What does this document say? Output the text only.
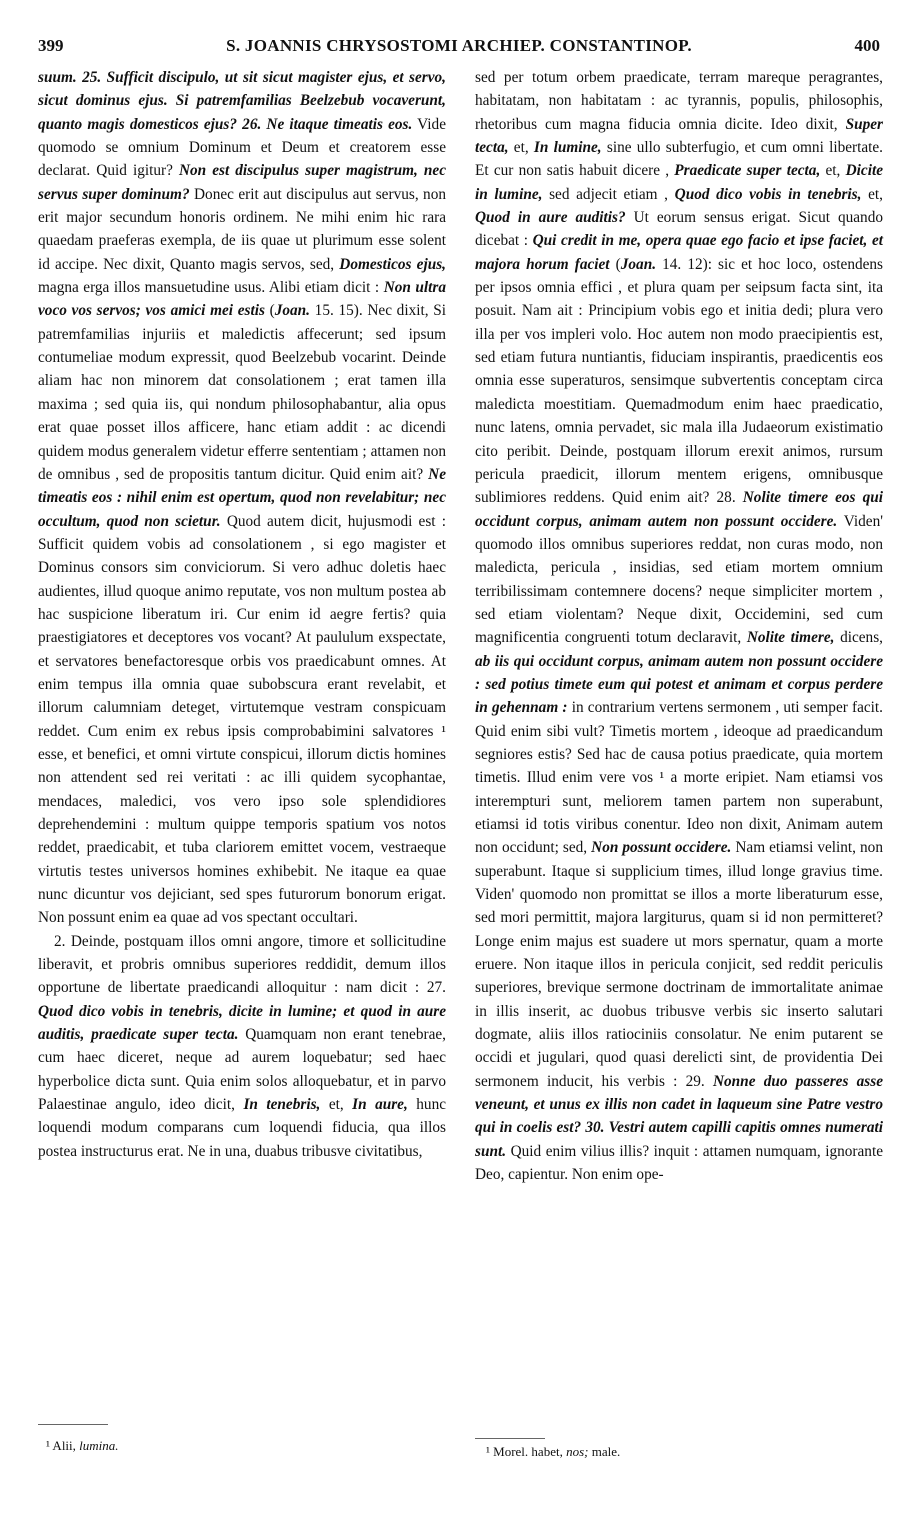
399	S. JOANNIS CHRYSOSTOMI ARCHIEP. CONSTANTINOP.	400

suum. 25. Sufficit discipulo, ut sit sicut magister ejus, et servo, sicut dominus ejus. Si patremfamilias Beelzebub vocaverunt, quanto magis domesticos ejus? 26. Ne itaque timeatis eos. Vide quomodo se omnium Dominum et Deum et creatorem esse declarat. Quid igitur? Non est discipulus super magistrum, nec servus super dominum? Donec erit aut discipulus aut servus, non erit major secundum honoris ordinem. Ne mihi enim hic rara quaedam praeferas exempla, de iis quae ut plurimum esse solent id accipe. Nec dixit, Quanto magis servos, sed, Domesticos ejus, magna erga illos mansuetudine usus. Alibi etiam dicit : Non ultra voco vos servos; vos amici mei estis (Joan. 15. 15). Nec dixit, Si patremfamilias injuriis et maledictis affecerunt; sed ipsum contumeliae modum expressit, quod Beelzebub vocarint. Deinde aliam hac non minorem dat consolationem ; erat tamen illa maxima ; sed quia iis, qui nondum philosophabantur, alia opus erat quae posset illos afficere, hanc etiam addit : ac dicendi quidem modus generalem videtur efferre sententiam ; attamen non de omnibus , sed de propositis tantum dicitur. Quid enim ait? Ne timeatis eos : nihil enim est opertum, quod non revelabitur; nec occultum, quod non scietur. Quod autem dicit, hujusmodi est : Sufficit quidem vobis ad consolationem , si ego magister et Dominus consors sim conviciorum. Si vero adhuc doletis haec audientes, illud quoque animo reputate, vos non multum postea ab hac suspicione liberatum iri. Cur enim id aegre fertis? quia praestigiatores et deceptores vos vocant? At paululum exspectate, et servatores benefactoresque orbis vos praedicabunt omnes. At enim tempus illa omnia quae subobscura erant revelabit, et illorum calumniam deteget, virtutemque vestram conspicuam reddet. Cum enim ex rebus ipsis comprobabimini salvatores ¹ esse, et benefici, et omni virtute conspicui, illorum dictis homines non attendent sed rei veritati : ac illi quidem sycophantae, mendaces, maledici, vos vero ipso sole splendidiores deprehendemini : multum quippe temporis spatium vos notos reddet, praedicabit, et tuba clariorem emittet vocem, vestraeque virtutis testes universos homines exhibebit. Ne itaque ea quae nunc dicuntur vos dejiciant, sed spes futurorum bonorum erigat. Non possunt enim ea quae ad vos spectant occultari.

2. Deinde, postquam illos omni angore, timore et sollicitudine liberavit, et probris omnibus superiores reddidit, demum illos opportune de libertate praedicandi alloquitur : nam dicit : 27. Quod dico vobis in tenebris, dicite in lumine; et quod in aure auditis, praedicate super tecta. Quamquam non erant tenebrae, cum haec diceret, neque ad aurem loquebatur; sed haec hyperbolice dicta sunt. Quia enim solos alloquebatur, et in parvo Palaestinae angulo, ideo dicit, In tenebris, et, In aure, hunc loquendi modum comparans cum loquendi fiducia, qua illos postea instructurus erat. Ne in una, duabus tribusve civitatibus,

sed per totum orbem praedicate, terram mareque peragrantes, habitatam, non habitatam : ac tyrannis, populis, philosophis, rhetoribus cum magna fiducia omnia dicite. Ideo dixit, Super tecta, et, In lumine, sine ullo subterfugio, et cum omni libertate. Et cur non satis habuit dicere , Praedicate super tecta, et, Dicite in lumine, sed adjecit etiam , Quod dico vobis in tenebris, et, Quod in aure auditis? Ut eorum sensus erigat. Sicut quando dicebat : Qui credit in me, opera quae ego facio et ipse faciet, et majora horum faciet (Joan. 14. 12): sic et hoc loco, ostendens per ipsos omnia effici , et plura quam per seipsum facta sint, ita posuit. Nam ait : Principium vobis ego et initia dedi; plura vero illa per vos impleri volo. Hoc autem non modo praecipientis est, sed etiam futura nuntiantis, fiduciam inspirantis, praedicentis eos omnia esse superaturos, sensimque subvertentis conceptam circa maledicta moestitiam. Quemadmodum enim haec praedicatio, nunc latens, omnia pervadet, sic mala illa Judaeorum existimatio cito peribit. Deinde, postquam illorum erexit animos, rursum pericula praedicit, illorum mentem erigens, omnibusque sublimiores reddens. Quid enim ait? 28. Nolite timere eos qui occidunt corpus, animam autem non possunt occidere. Viden' quomodo illos omnibus superiores reddat, non curas modo, non maledicta, pericula , insidias, sed etiam mortem omnium terribilissimam contemnere docens? neque simpliciter mortem , sed etiam violentam? Neque dixit, Occidemini, sed cum magnificentia congruenti totum declaravit, Nolite timere, dicens, ab iis qui occidunt corpus, animam autem non possunt occidere : sed potius timete eum qui potest et animam et corpus perdere in gehennam : in contrarium vertens sermonem , uti semper facit. Quid enim sibi vult? Timetis mortem , ideoque ad praedicandum segniores estis? Sed hac de causa potius praedicate, quia mortem timetis. Illud enim vere vos ¹ a morte eripiet. Nam etiamsi vos interempturi sunt, meliorem tamen partem non superabunt, etiamsi id totis viribus conentur. Ideo non dixit, Animam autem non occidunt; sed, Non possunt occidere. Nam etiamsi velint, non superabunt. Itaque si supplicium times, illud longe gravius time. Viden' quomodo non promittat se illos a morte liberaturum esse, sed mori permittit, majora largiturus, quam si id non permitteret? Longe enim majus est suadere ut mors spernatur, quam a morte eruere. Non itaque illos in pericula conjicit, sed reddit periculis superiores, brevique sermone doctrinam de immortalitate animae in illis inserit, ac duobus tribusve verbis sic inserto salutari dogmate, aliis illos ratiociniis consolatur. Ne enim putarent se occidi et jugulari, quod quasi derelicti sint, de providentia Dei sermonem inducit, his verbis : 29. Nonne duo passeres asse veneunt, et unus ex illis non cadet in laqueum sine Patre vestro qui in coelis est? 30. Vestri autem capilli capitis omnes numerati sunt. Quid enim vilius illis? inquit : attamen numquam, ignorante Deo, capientur. Non enim ope-

¹ Alii, lumina.	¹ Morel. habet, nos; male.
